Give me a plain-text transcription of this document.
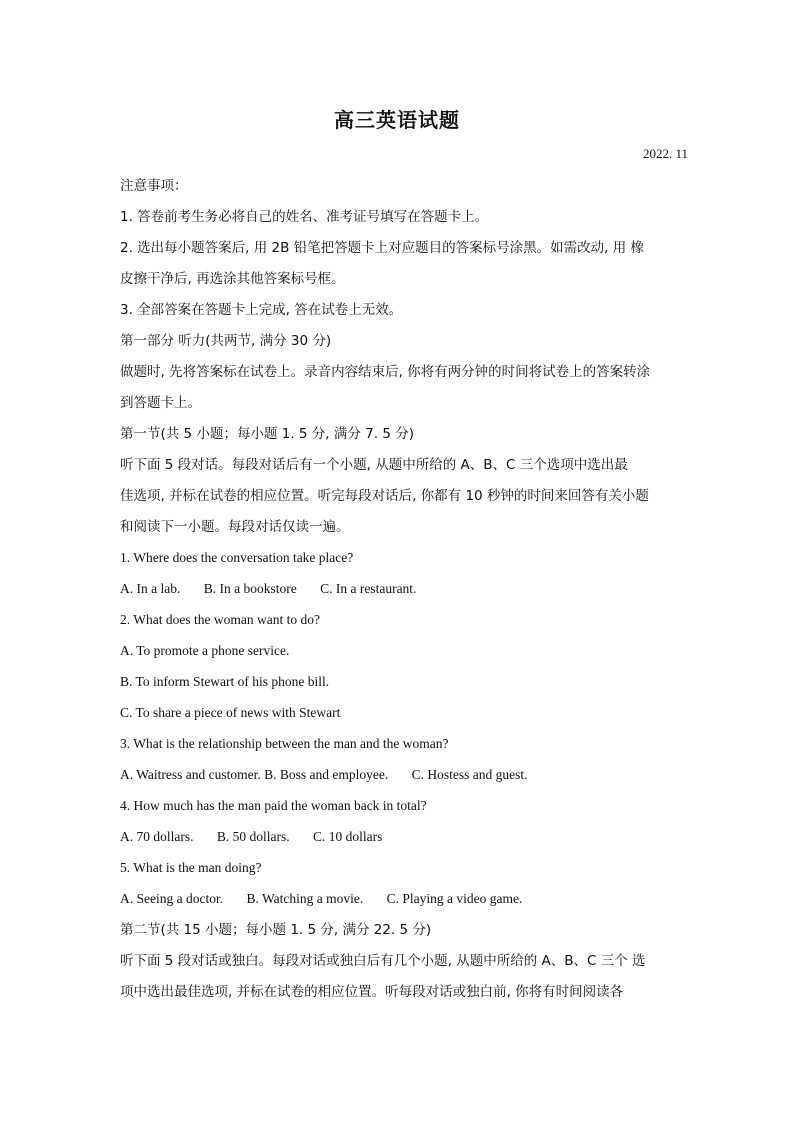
高三英语试题
2022. 11
注意事项：
1. 答卷前考生务必将自己的姓名、准考证号填写在答题卡上。
2. 选出每小题答案后, 用 2B 铅笔把答题卡上对应题目的答案标号涂黑。如需改动, 用 橡
皮擦干净后, 再选涂其他答案标号框。
3. 全部答案在答题卡上完成, 答在试卷上无效。
第一部分 听力(共两节, 满分 30 分)
做题时, 先将答案标在试卷上。录音内容结束后, 你将有两分钟的时间将试卷上的答案转涂
到答题卡上。
第一节(共 5 小题；每小题 1. 5 分, 满分 7. 5 分)
听下面 5 段对话。每段对话后有一个小题, 从题中所给的 A、B、C 三个选项中选出最
佳选项, 并标在试卷的相应位置。听完每段对话后, 你都有 10 秒钟的时间来回答有关小题
和阅读下一小题。每段对话仅读一遍。
1. Where does the conversation take place?
A. In a lab. B. In a bookstore C. In a restaurant.
2. What does the woman want to do?
A. To promote a phone service.
B. To inform Stewart of his phone bill.
C. To share a piece of news with Stewart
3. What is the relationship between the man and the woman?
A. Waitress and customer. B. Boss and employee. C. Hostess and guest.
4. How much has the man paid the woman back in total?
A. 70 dollars. B. 50 dollars. C. 10 dollars
5. What is the man doing?
A. Seeing a doctor. B. Watching a movie. C. Playing a video game.
第二节(共 15 小题；每小题 1. 5 分, 满分 22. 5 分)
听下面 5 段对话或独白。每段对话或独白后有几个小题, 从题中所给的 A、B、C 三个 选
项中选出最佳选项, 并标在试卷的相应位置。听每段对话或独白前, 你将有时间阅读各
